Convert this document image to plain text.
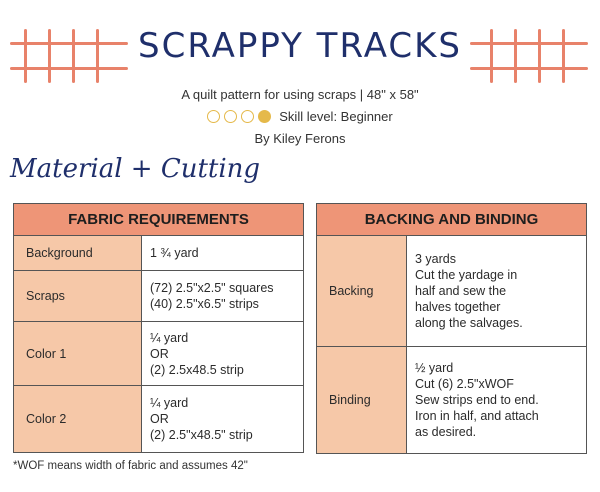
SCRAPPY TRACKS
A quilt pattern for using scraps | 48" x 58"
Skill level: Beginner
By Kiley Ferons
Material + Cutting
FABRIC REQUIREMENTS	
Background	1 ¾ yard

Scraps	(72) 2.5"x2.5" squares
(40) 2.5"x6.5" strips

Color 1	¼ yard
OR
(2) 2.5x48.5 strip

Color 2	¼ yard
OR
(2) 2.5"x48.5" strip
BACKING AND BINDING	
Backing	3 yards
Cut the yardage in
half and sew the
halves together
along the salvages.

Binding	½ yard
Cut (6) 2.5"xWOF
Sew strips end to end.
Iron in half, and attach
as desired.
*WOF means width of fabric and assumes 42"
